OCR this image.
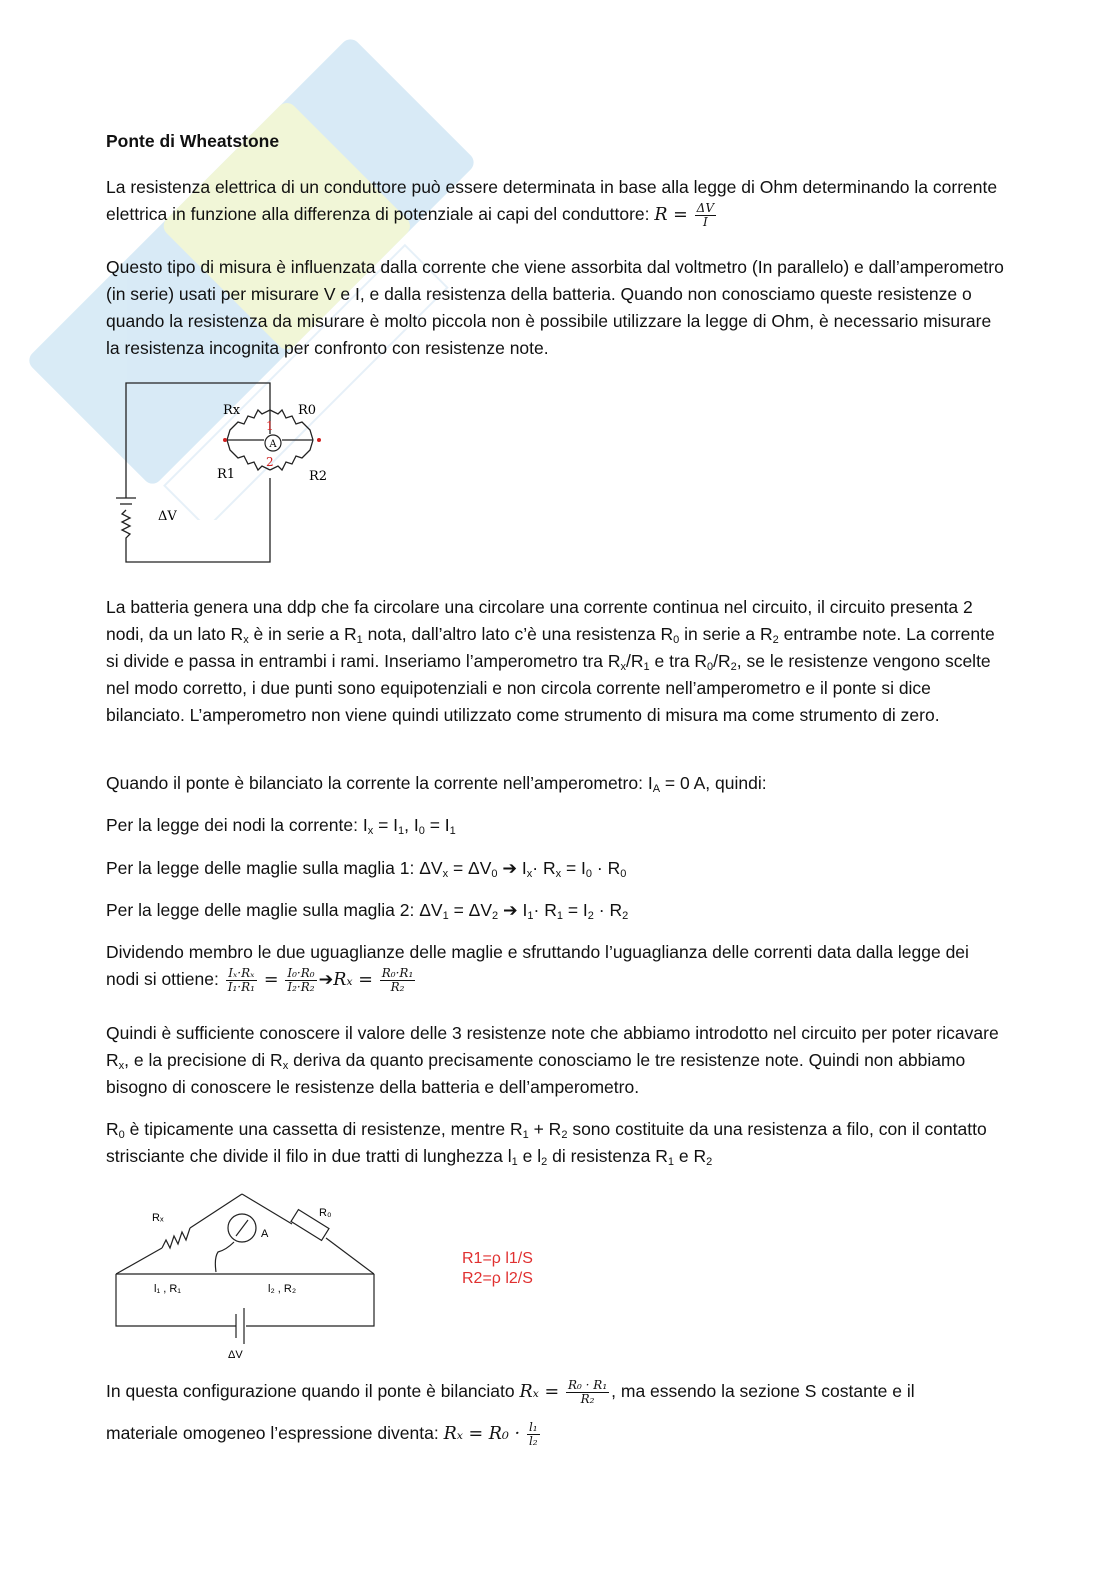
Ponte di Wheatstone

La resistenza elettrica di un conduttore può essere determinata in base alla legge di Ohm determinando la corrente elettrica in funzione alla differenza di potenziale ai capi del conduttore: $R = \frac{\Delta V}{I}$

Questo tipo di misura è influenzata dalla corrente che viene assorbita dal voltmetro (In parallelo) e dall’amperometro (in serie) usati per misurare V e I, e dalla resistenza della batteria. Quando non conosciamo queste resistenze o quando la resistenza da misurare è molto piccola non è possibile utilizzare la legge di Ohm, è necessario misurare la resistenza incognita per confronto con resistenze note.

A
Rx	R0
1
2
R1	R2
ΔV

La batteria genera una ddp che fa circolare una circolare una corrente continua nel circuito, il circuito presenta 2 nodi, da un lato $R_x$ è in serie a $R_1$ nota, dall’altro lato c’è una resistenza $R_0$ in serie a $R_2$ entrambe note. La corrente si divide e passa in entrambi i rami. Inseriamo l’amperometro tra $R_x/R_1$ e tra $R_0/R_2$, se le resistenze vengono scelte nel modo corretto, i due punti sono equipotenziali e non circola corrente nell’amperometro e il ponte si dice bilanciato. L’amperometro non viene quindi utilizzato come strumento di misura ma come strumento di zero.

Quando il ponte è bilanciato la corrente la corrente nell’amperometro: $I_A = 0$ A, quindi:

Per la legge dei nodi la corrente: $I_x = I_1$, $I_0 = I_1$

Per la legge delle maglie sulla maglia 1: $\Delta V_x = \Delta V_0$ ➔ $I_x\cdot R_x = I_0 \cdot R_0$

Per la legge delle maglie sulla maglia 2: $\Delta V_1 = \Delta V_2$ ➔ $I_1\cdot R_1 = I_2 \cdot R_2$

Dividendo membro le due uguaglianze delle maglie e sfruttando l’uguaglianza delle correnti data dalla legge dei nodi si ottiene: $\frac{\text{Iₓ·Rₓ}}{\text{I₁·R₁}} = \frac{\text{I₀·R₀}}{\text{I₂·R₂}}$ ➔Rₓ = $\frac{\text{R₀·R₁}}{\text{R₂}}$

Quindi è sufficiente conoscere il valore delle 3 resistenze note che abbiamo introdotto nel circuito per poter ricavare $R_x$, e la precisione di $R_x$ deriva da quanto precisamente conosciamo le tre resistenze note. Quindi non abbiamo bisogno di conoscere le resistenze della batteria e dell’amperometro.

$R_0$ è tipicamente una cassetta di resistenze, mentre $R_1 + R_2$ sono costituite da una resistenza a filo, con il contatto strisciante che divide il filo in due tratti di lunghezza $l_1$ e $l_2$ di resistenza $R_1$ e $R_2$

A
Rₓ	R₀
l₁ , R₁	l₂ , R₂
ΔV
R1=ρ l1/S
R2=ρ l2/S

In questa configurazione quando il ponte è bilanciato $R_x = \frac{\text{R₀ · R₁}}{\text{R₂}}$ , ma essendo la sezione S costante e il

materiale omogeneo l’espressione diventa: $R_x = R_0 \cdot \frac{\text{l₁}}{\text{l₂}}$
